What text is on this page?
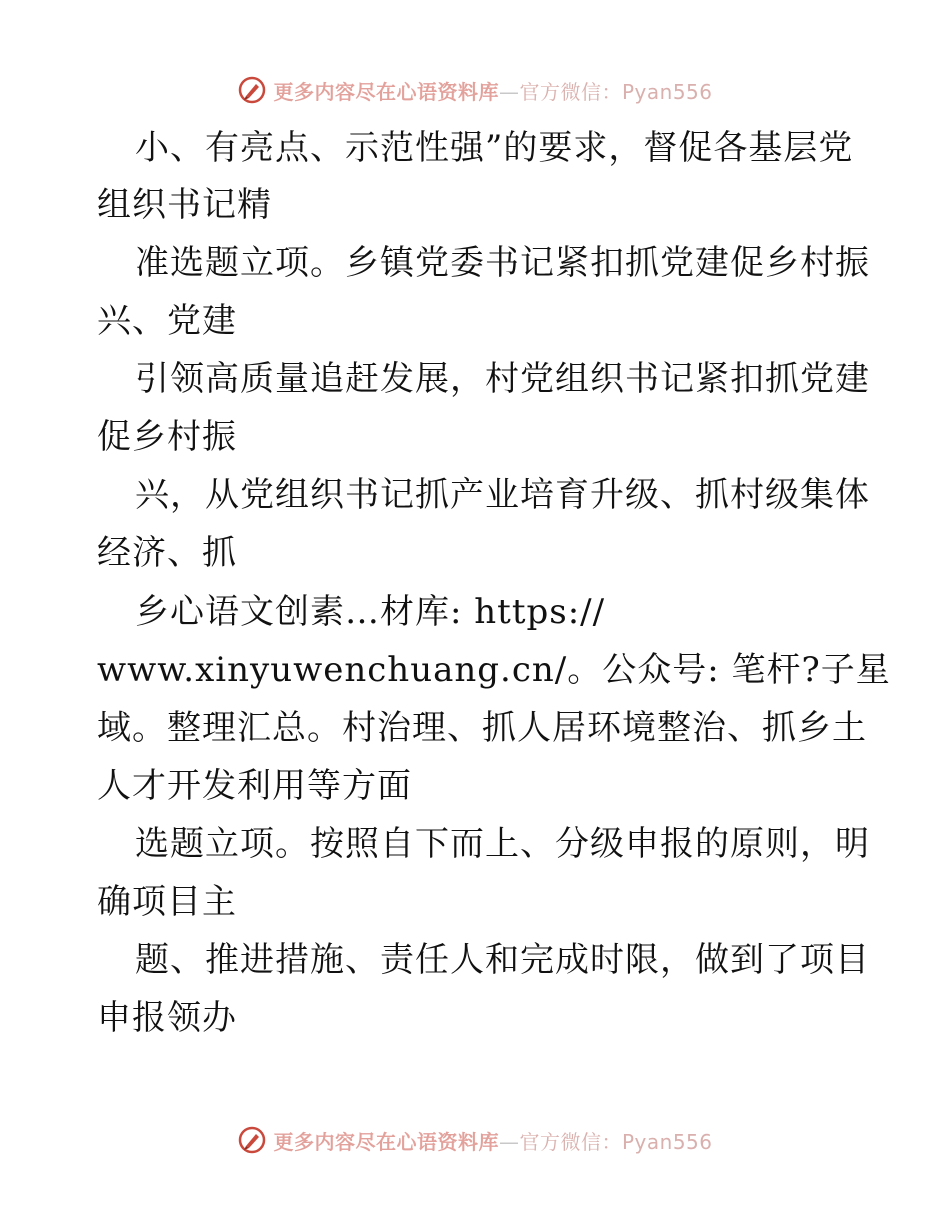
更多内容尽在心语资料库—官方微信：Pyan556
小、有亮点、示范性强”的要求，督促各基层党
组织书记精
准选题立项。乡镇党委书记紧扣抓党建促乡村振
兴、党建
引领高质量追赶发展，村党组织书记紧扣抓党建
促乡村振
兴，从党组织书记抓产业培育升级、抓村级集体
经济、抓
乡心语文创素…材库: https://
www.xinyuwenchuang.cn/。公众号: 笔杆?子星
域。整理汇总。村治理、抓人居环境整治、抓乡土
人才开发利用等方面
选题立项。按照自下而上、分级申报的原则，明
确项目主
题、推进措施、责任人和完成时限，做到了项目
申报领办
更多内容尽在心语资料库—官方微信：Pyan556
